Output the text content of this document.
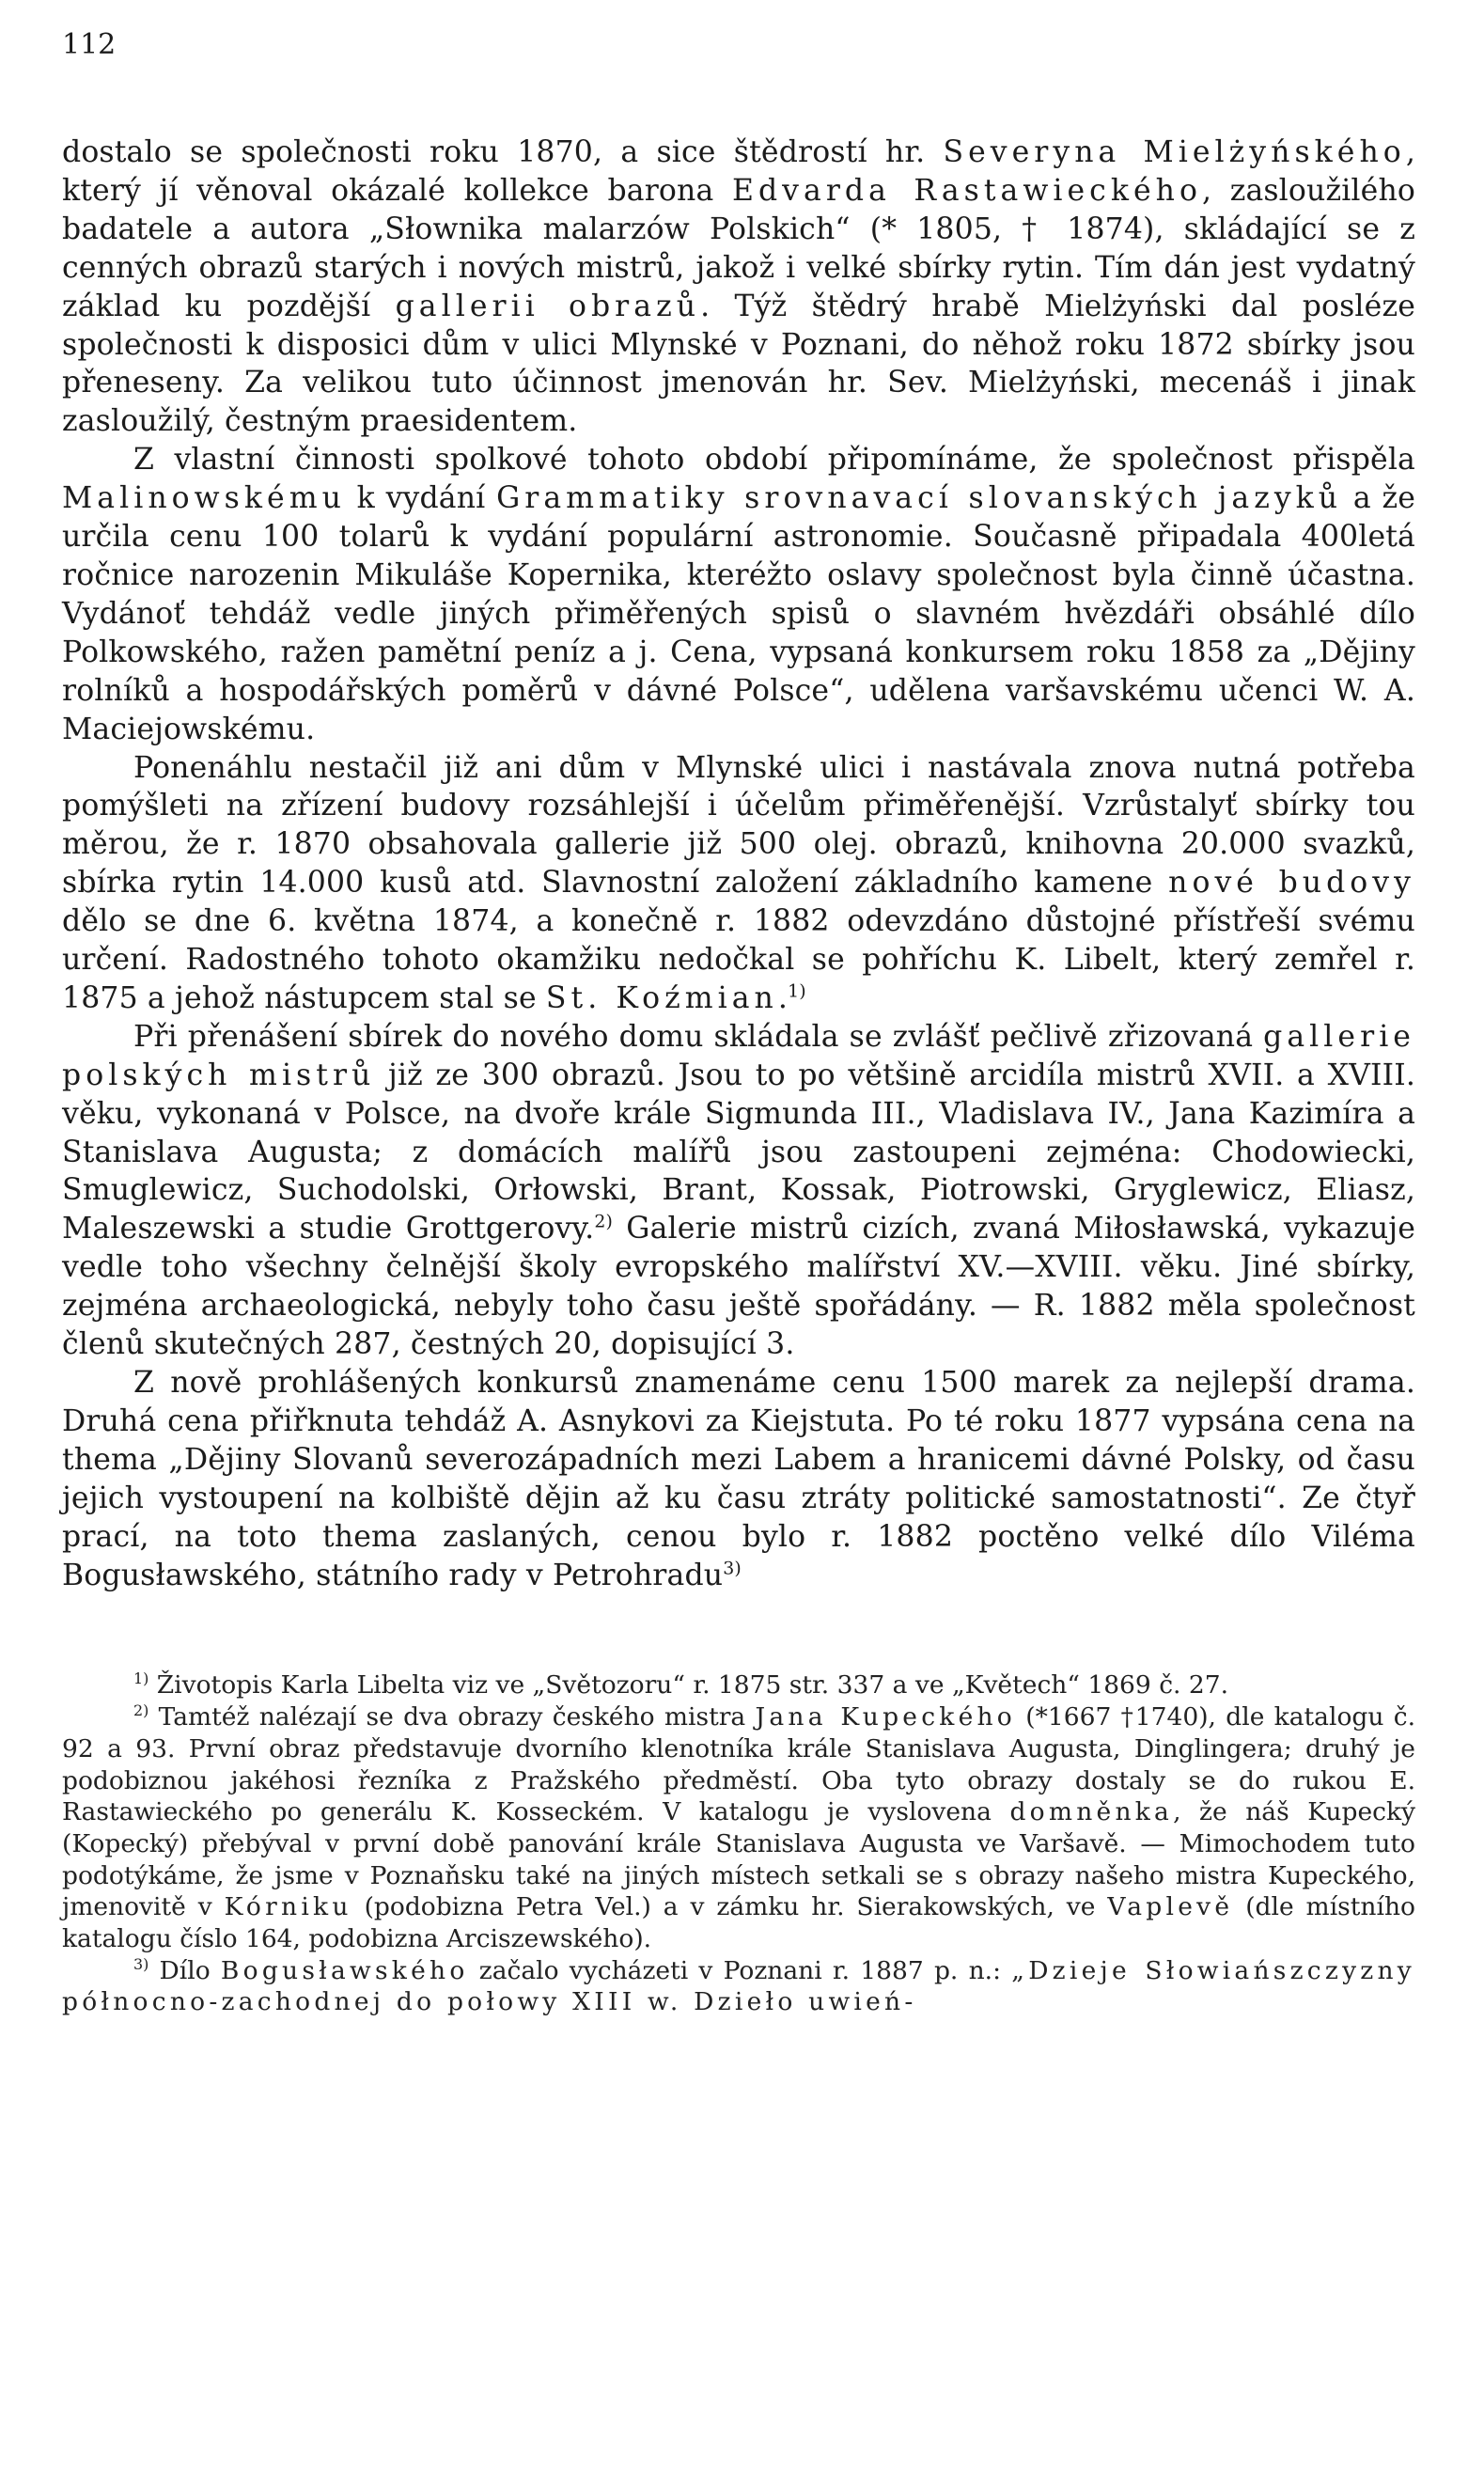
112

dostalo se společnosti roku 1870, a sice štědrostí hr. Severyna Mielżyńského, který jí věnoval okázalé kollekce barona Edvarda Rastawieckého, zasloužilého badatele a autora „Słownika malarzów Polskich“ (* 1805, † 1874), skládající se z cenných obrazů starých i nových mistrů, jakož i velké sbírky rytin. Tím dán jest vydatný základ ku pozdější gallerii obrazů. Týž štědrý hrabě Mielżyński dal posléze společnosti k disposici dům v ulici Mlynské v Poznani, do něhož roku 1872 sbírky jsou přeneseny. Za velikou tuto účinnost jmenován hr. Sev. Mielżyński, mecenáš i jinak zasloužilý, čestným praesidentem.

Z vlastní činnosti spolkové tohoto období připomínáme, že společnost přispěla Malinowskému k vydání Grammatiky srovnavací slovanských jazyků a že určila cenu 100 tolarů k vydání populární astronomie. Současně připadala 400letá ročnice narozenin Mikuláše Kopernika, kteréžto oslavy společnost byla činně účastna. Vydánoť tehdáž vedle jiných přiměřených spisů o slavném hvězdáři obsáhlé dílo Polkowského, ražen pamětní peníz a j. Cena, vypsaná konkursem roku 1858 za „Dějiny rolníků a hospodářských poměrů v dávné Polsce“, udělena varšavskému učenci W. A. Maciejowskému.

Ponenáhlu nestačil již ani dům v Mlynské ulici i nastávala znova nutná potřeba pomýšleti na zřízení budovy rozsáhlejší i účelům přiměřenější. Vzrůstalyť sbírky tou měrou, že r. 1870 obsahovala gallerie již 500 olej. obrazů, knihovna 20.000 svazků, sbírka rytin 14.000 kusů atd. Slavnostní založení základního kamene nové budovy dělo se dne 6. května 1874, a konečně r. 1882 odevzdáno důstojné přístřeší svému určení. Radostného tohoto okamžiku nedočkal se pohříchu K. Libelt, který zemřel r. 1875 a jehož nástupcem stal se St. Koźmian.$^{1)}$

Při přenášení sbírek do nového domu skládala se zvlášť pečlivě zřizovaná gallerie polských mistrů již ze 300 obrazů. Jsou to po většině arcidíla mistrů XVII. a XVIII. věku, vykonaná v Polsce, na dvoře krále Sigmunda III., Vladislava IV., Jana Kazimíra a Stanislava Augusta; z domácích malířů jsou zastoupeni zejména: Chodowiecki, Smuglewicz, Suchodolski, Orłowski, Brant, Kossak, Piotrowski, Gryglewicz, Eliasz, Maleszewski a studie Grottgerovy.$^{2)}$ Galerie mistrů cizích, zvaná Miłosławská, vykazuje vedle toho všechny čelnější školy evropského malířství XV.—XVIII. věku. Jiné sbírky, zejména archaeologická, nebyly toho času ještě spořádány. — R. 1882 měla společnost členů skutečných 287, čestných 20, dopisující 3.

Z nově prohlášených konkursů znamenáme cenu 1500 marek za nejlepší drama. Druhá cena přiřknuta tehdáž A. Asnykovi za Kiejstuta. Po té roku 1877 vypsána cena na thema „Dějiny Slovanů severozápadních mezi Labem a hranicemi dávné Polsky, od času jejich vystoupení na kolbiště dějin až ku času ztráty politické samostatnosti“. Ze čtyř prací, na toto thema zaslaných, cenou bylo r. 1882 poctěno velké dílo Viléma Bogusławského, státního rady v Petrohradu$^{3)}$

$^{1)}$ Životopis Karla Libelta viz ve „Světozoru“ r. 1875 str. 337 a ve „Květech“ 1869 č. 27.

$^{2)}$ Tamtéž nalézají se dva obrazy českého mistra Jana Kupeckého (*1667 †1740), dle katalogu č. 92 a 93. První obraz představuje dvorního klenotníka krále Stanislava Augusta, Dinglingera; druhý je podobiznou jakéhosi řezníka z Pražského předměstí. Oba tyto obrazy dostaly se do rukou E. Rastawieckého po generálu K. Kosseckém. V katalogu je vyslovena domněnka, že náš Kupecký (Kopecký) přebýval v první době panování krále Stanislava Augusta ve Varšavě. — Mimochodem tuto podotýkáme, že jsme v Poznaňsku také na jiných místech setkali se s obrazy našeho mistra Kupeckého, jmenovitě v Kórniku (podobizna Petra Vel.) a v zámku hr. Sierakowských, ve Vaplevě (dle místního katalogu číslo 164, podobizna Arciszewského).

$^{3)}$ Dílo Bogusławského začalo vycházeti v Poznani r. 1887 p. n.: „Dzieje Słowiańszczyzny północno-zachodnej do połowy XIII w. Dzieło uwień-
